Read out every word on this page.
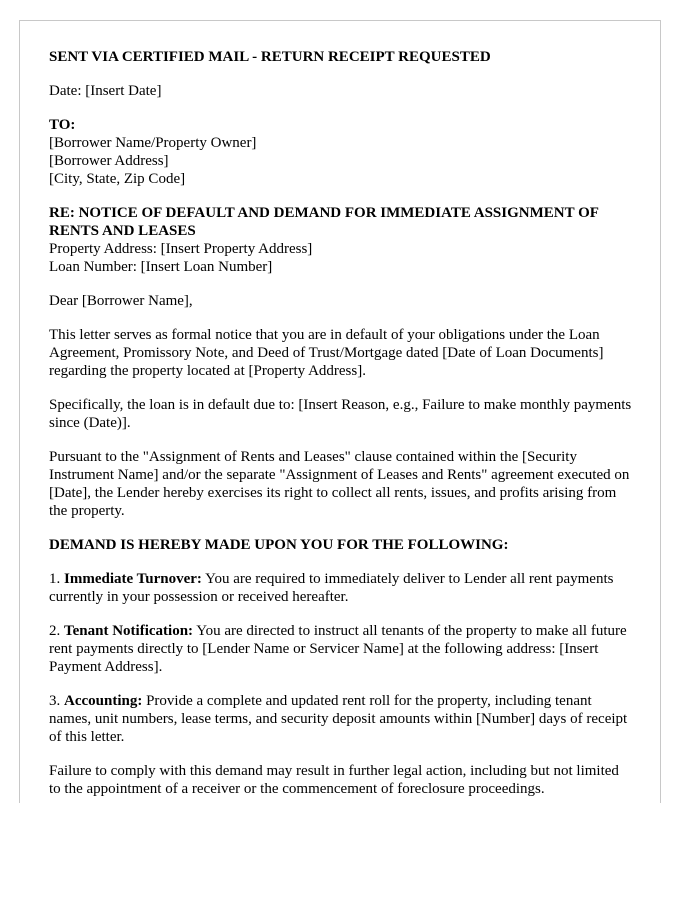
SENT VIA CERTIFIED MAIL - RETURN RECEIPT REQUESTED

Date: [Insert Date]

TO:
[Borrower Name/Property Owner]
[Borrower Address]
[City, State, Zip Code]
RE: NOTICE OF DEFAULT AND DEMAND FOR IMMEDIATE ASSIGNMENT OF RENTS AND LEASES
Property Address: [Insert Property Address]
Loan Number: [Insert Loan Number]

Dear [Borrower Name],

This letter serves as formal notice that you are in default of your obligations under the Loan Agreement, Promissory Note, and Deed of Trust/Mortgage dated [Date of Loan Documents] regarding the property located at [Property Address].

Specifically, the loan is in default due to: [Insert Reason, e.g., Failure to make monthly payments since (Date)].

Pursuant to the "Assignment of Rents and Leases" clause contained within the [Security Instrument Name] and/or the separate "Assignment of Leases and Rents" agreement executed on [Date], the Lender hereby exercises its right to collect all rents, issues, and profits arising from the property.

DEMAND IS HEREBY MADE UPON YOU FOR THE FOLLOWING:

1. Immediate Turnover: You are required to immediately deliver to Lender all rent payments currently in your possession or received hereafter.

2. Tenant Notification: You are directed to instruct all tenants of the property to make all future rent payments directly to [Lender Name or Servicer Name] at the following address: [Insert Payment Address].

3. Accounting: Provide a complete and updated rent roll for the property, including tenant names, unit numbers, lease terms, and security deposit amounts within [Number] days of receipt of this letter.

Failure to comply with this demand may result in further legal action, including but not limited to the appointment of a receiver or the commencement of foreclosure proceedings.
